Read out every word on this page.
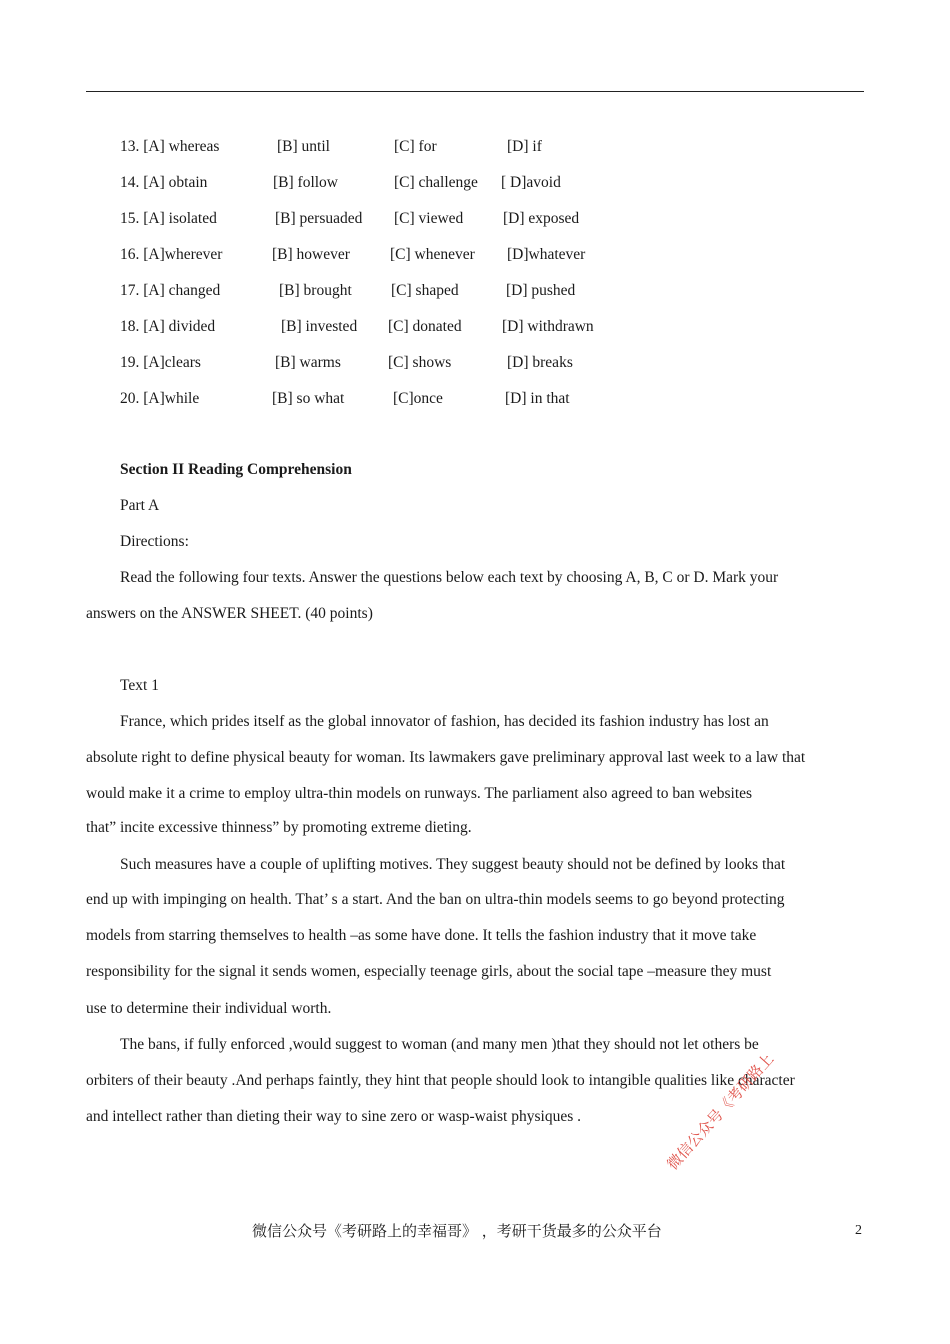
13. [A] whereas	[B] until	[C] for	[D] if
14. [A] obtain	[B] follow	[C] challenge [ D]avoid
15. [A] isolated	[B] persuaded [C] viewed	[D] exposed
16. [A]wherever	[B] however	[C] whenever [D]whatever
17. [A] changed	[B] brought	[C] shaped	[D] pushed
18. [A] divided	[B] invested [C] donated	[D] withdrawn
19. [A]clears	[B] warms	[C] shows	[D] breaks
20. [A]while	[B] so what	[C]once	[D] in that
Section II Reading Comprehension
Part A
Directions:
Read the following four texts. Answer the questions below each text by choosing A, B, C or D. Mark your
answers on the ANSWER SHEET. (40 points)
Text 1
France, which prides itself as the global innovator of fashion, has decided its fashion industry has lost an
absolute right to define physical beauty for woman. Its lawmakers gave preliminary approval last week to a law that
would make it a crime to employ ultra-thin models on runways. The parliament also agreed to ban websites
that” incite excessive thinness” by promoting extreme dieting.
Such measures have a couple of uplifting motives. They suggest beauty should not be defined by looks that
end up with impinging on health. That’ s a start. And the ban on ultra-thin models seems to go beyond protecting
models from starring themselves to health –as some have done. It tells the fashion industry that it move take
responsibility for the signal it sends women, especially teenage girls, about the social tape –measure they must
use to determine their individual worth.
The bans, if fully enforced ,would suggest to woman (and many men )that they should not let others be
orbiters of their beauty .And perhaps faintly, they hint that people should look to intangible qualities like character
and intellect rather than dieting their way to sine zero or wasp-waist physiques .	微信公众号《考研路上
微信公众号《考研路上的幸福哥》 ，考研干货最多的公众平台	2
